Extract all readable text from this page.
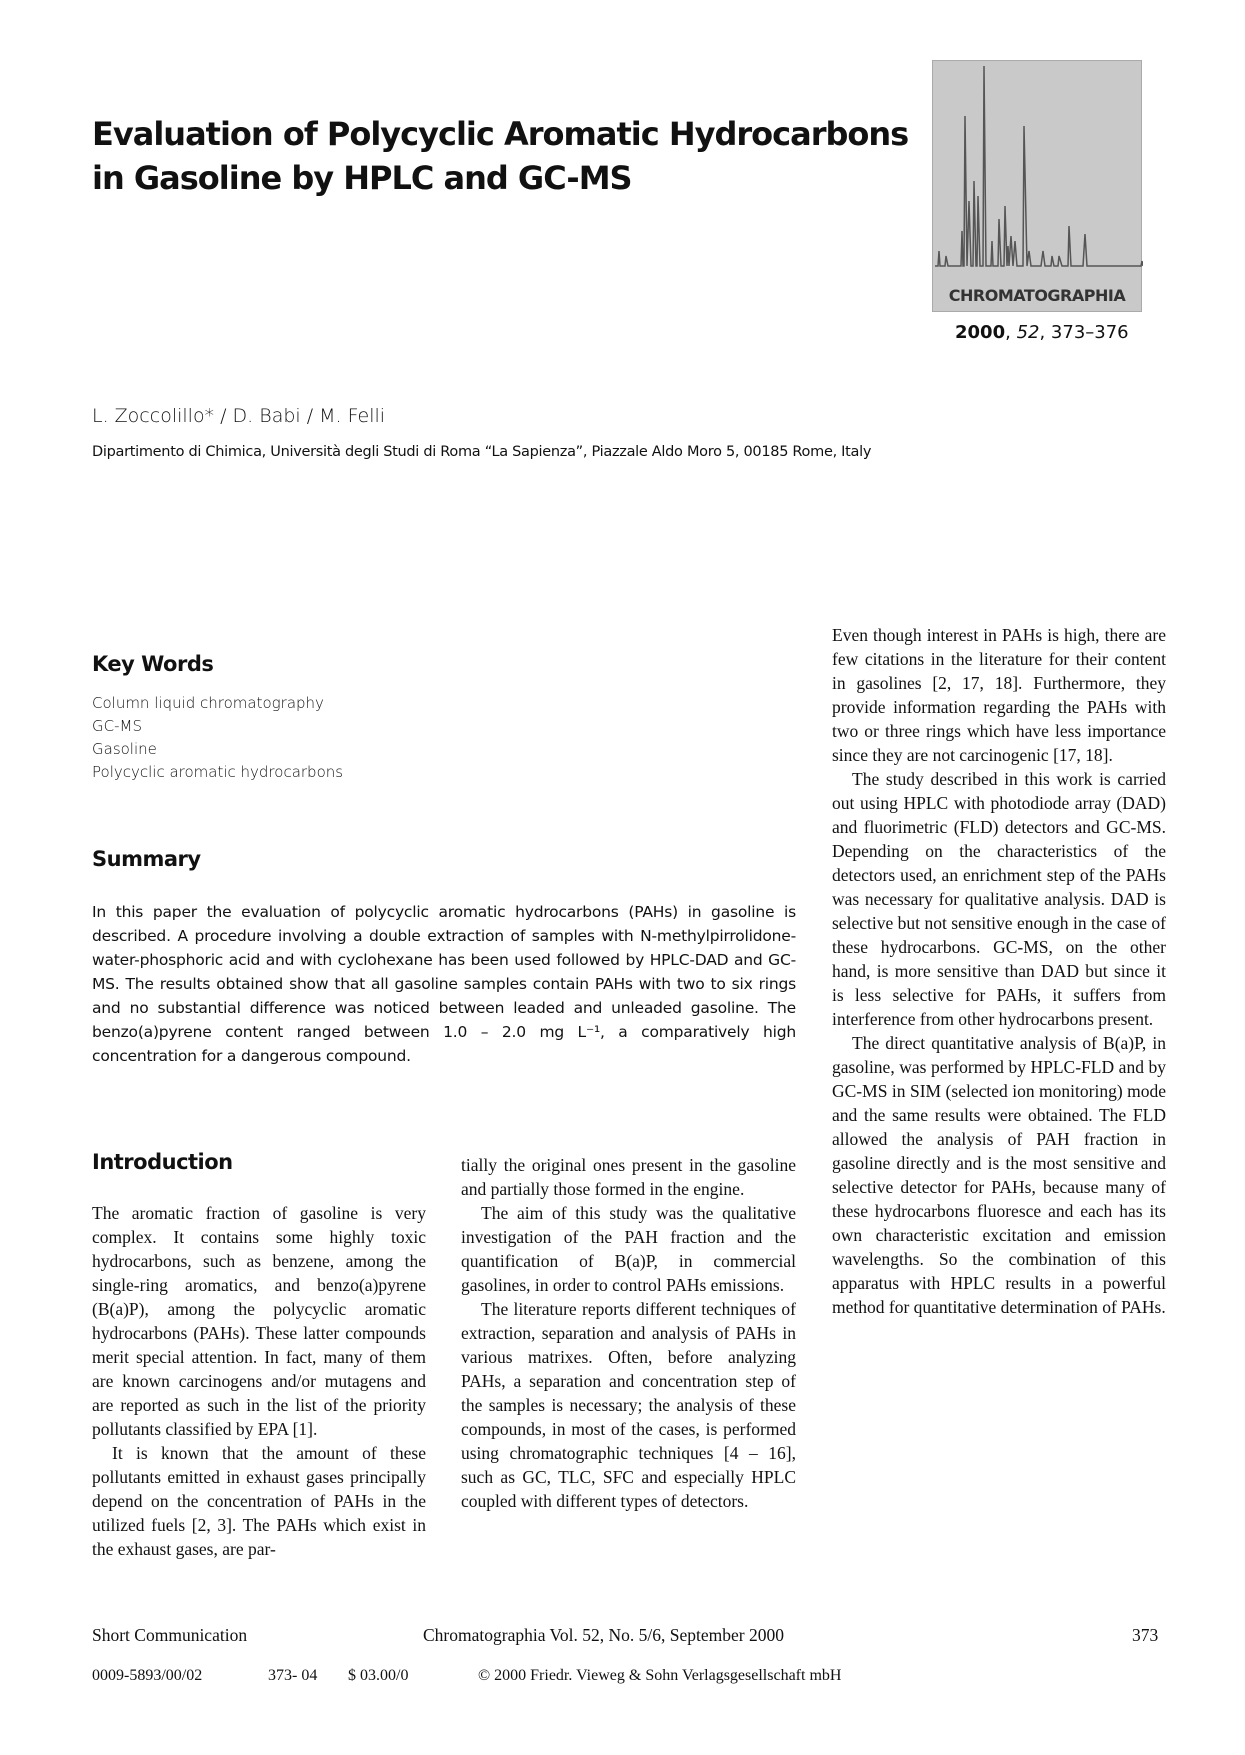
Evaluation of Polycyclic Aromatic Hydrocarbons in Gasoline by HPLC and GC-MS
CHROMATOGRAPHIA
2000, 52, 373–376
L. Zoccolillo* / D. Babi / M. Felli
Dipartimento di Chimica, Università degli Studi di Roma “La Sapienza”, Piazzale Aldo Moro 5, 00185 Rome, Italy
Key Words
Column liquid chromatography
GC-MS
Gasoline
Polycyclic aromatic hydrocarbons
Summary
In this paper the evaluation of polycyclic aromatic hydrocarbons (PAHs) in gasoline is described. A procedure involving a double extraction of samples with N-methylpirrolidone-water-phosphoric acid and with cyclohexane has been used followed by HPLC-DAD and GC-MS. The results obtained show that all gasoline samples contain PAHs with two to six rings and no substantial difference was noticed between leaded and unleaded gasoline. The benzo(a)pyrene content ranged between 1.0 – 2.0 mg L⁻¹, a comparatively high concentration for a dangerous compound.
Introduction

The aromatic fraction of gasoline is very complex. It contains some highly toxic hydrocarbons, such as benzene, among the single-ring aromatics, and benzo(a)pyrene (B(a)P), among the polycyclic aromatic hydrocarbons (PAHs). These latter compounds merit special attention. In fact, many of them are known carcinogens and/or mutagens and are reported as such in the list of the priority pollutants classified by EPA [1].

It is known that the amount of these pollutants emitted in exhaust gases principally depend on the concentration of PAHs in the utilized fuels [2, 3]. The PAHs which exist in the exhaust gases, are par-

tially the original ones present in the gasoline and partially those formed in the engine.

The aim of this study was the qualitative investigation of the PAH fraction and the quantification of B(a)P, in commercial gasolines, in order to control PAHs emissions.

The literature reports different techniques of extraction, separation and analysis of PAHs in various matrixes. Often, before analyzing PAHs, a separation and concentration step of the samples is necessary; the analysis of these compounds, in most of the cases, is performed using chromatographic techniques [4 – 16], such as GC, TLC, SFC and especially HPLC coupled with different types of detectors.

Even though interest in PAHs is high, there are few citations in the literature for their content in gasolines [2, 17, 18]. Furthermore, they provide information regarding the PAHs with two or three rings which have less importance since they are not carcinogenic [17, 18].

The study described in this work is carried out using HPLC with photodiode array (DAD) and fluorimetric (FLD) detectors and GC-MS. Depending on the characteristics of the detectors used, an enrichment step of the PAHs was necessary for qualitative analysis. DAD is selective but not sensitive enough in the case of these hydrocarbons. GC-MS, on the other hand, is more sensitive than DAD but since it is less selective for PAHs, it suffers from interference from other hydrocarbons present.

The direct quantitative analysis of B(a)P, in gasoline, was performed by HPLC-FLD and by GC-MS in SIM (selected ion monitoring) mode and the same results were obtained. The FLD allowed the analysis of PAH fraction in gasoline directly and is the most sensitive and selective detector for PAHs, because many of these hydrocarbons fluoresce and each has its own characteristic excitation and emission wavelengths. So the combination of this apparatus with HPLC results in a powerful method for quantitative determination of PAHs.

Short Communication	Chromatographia Vol. 52, No. 5/6, September 2000	373
0009-5893/00/02	373- 04 $ 03.00/0	© 2000 Friedr. Vieweg & Sohn Verlagsgesellschaft mbH
